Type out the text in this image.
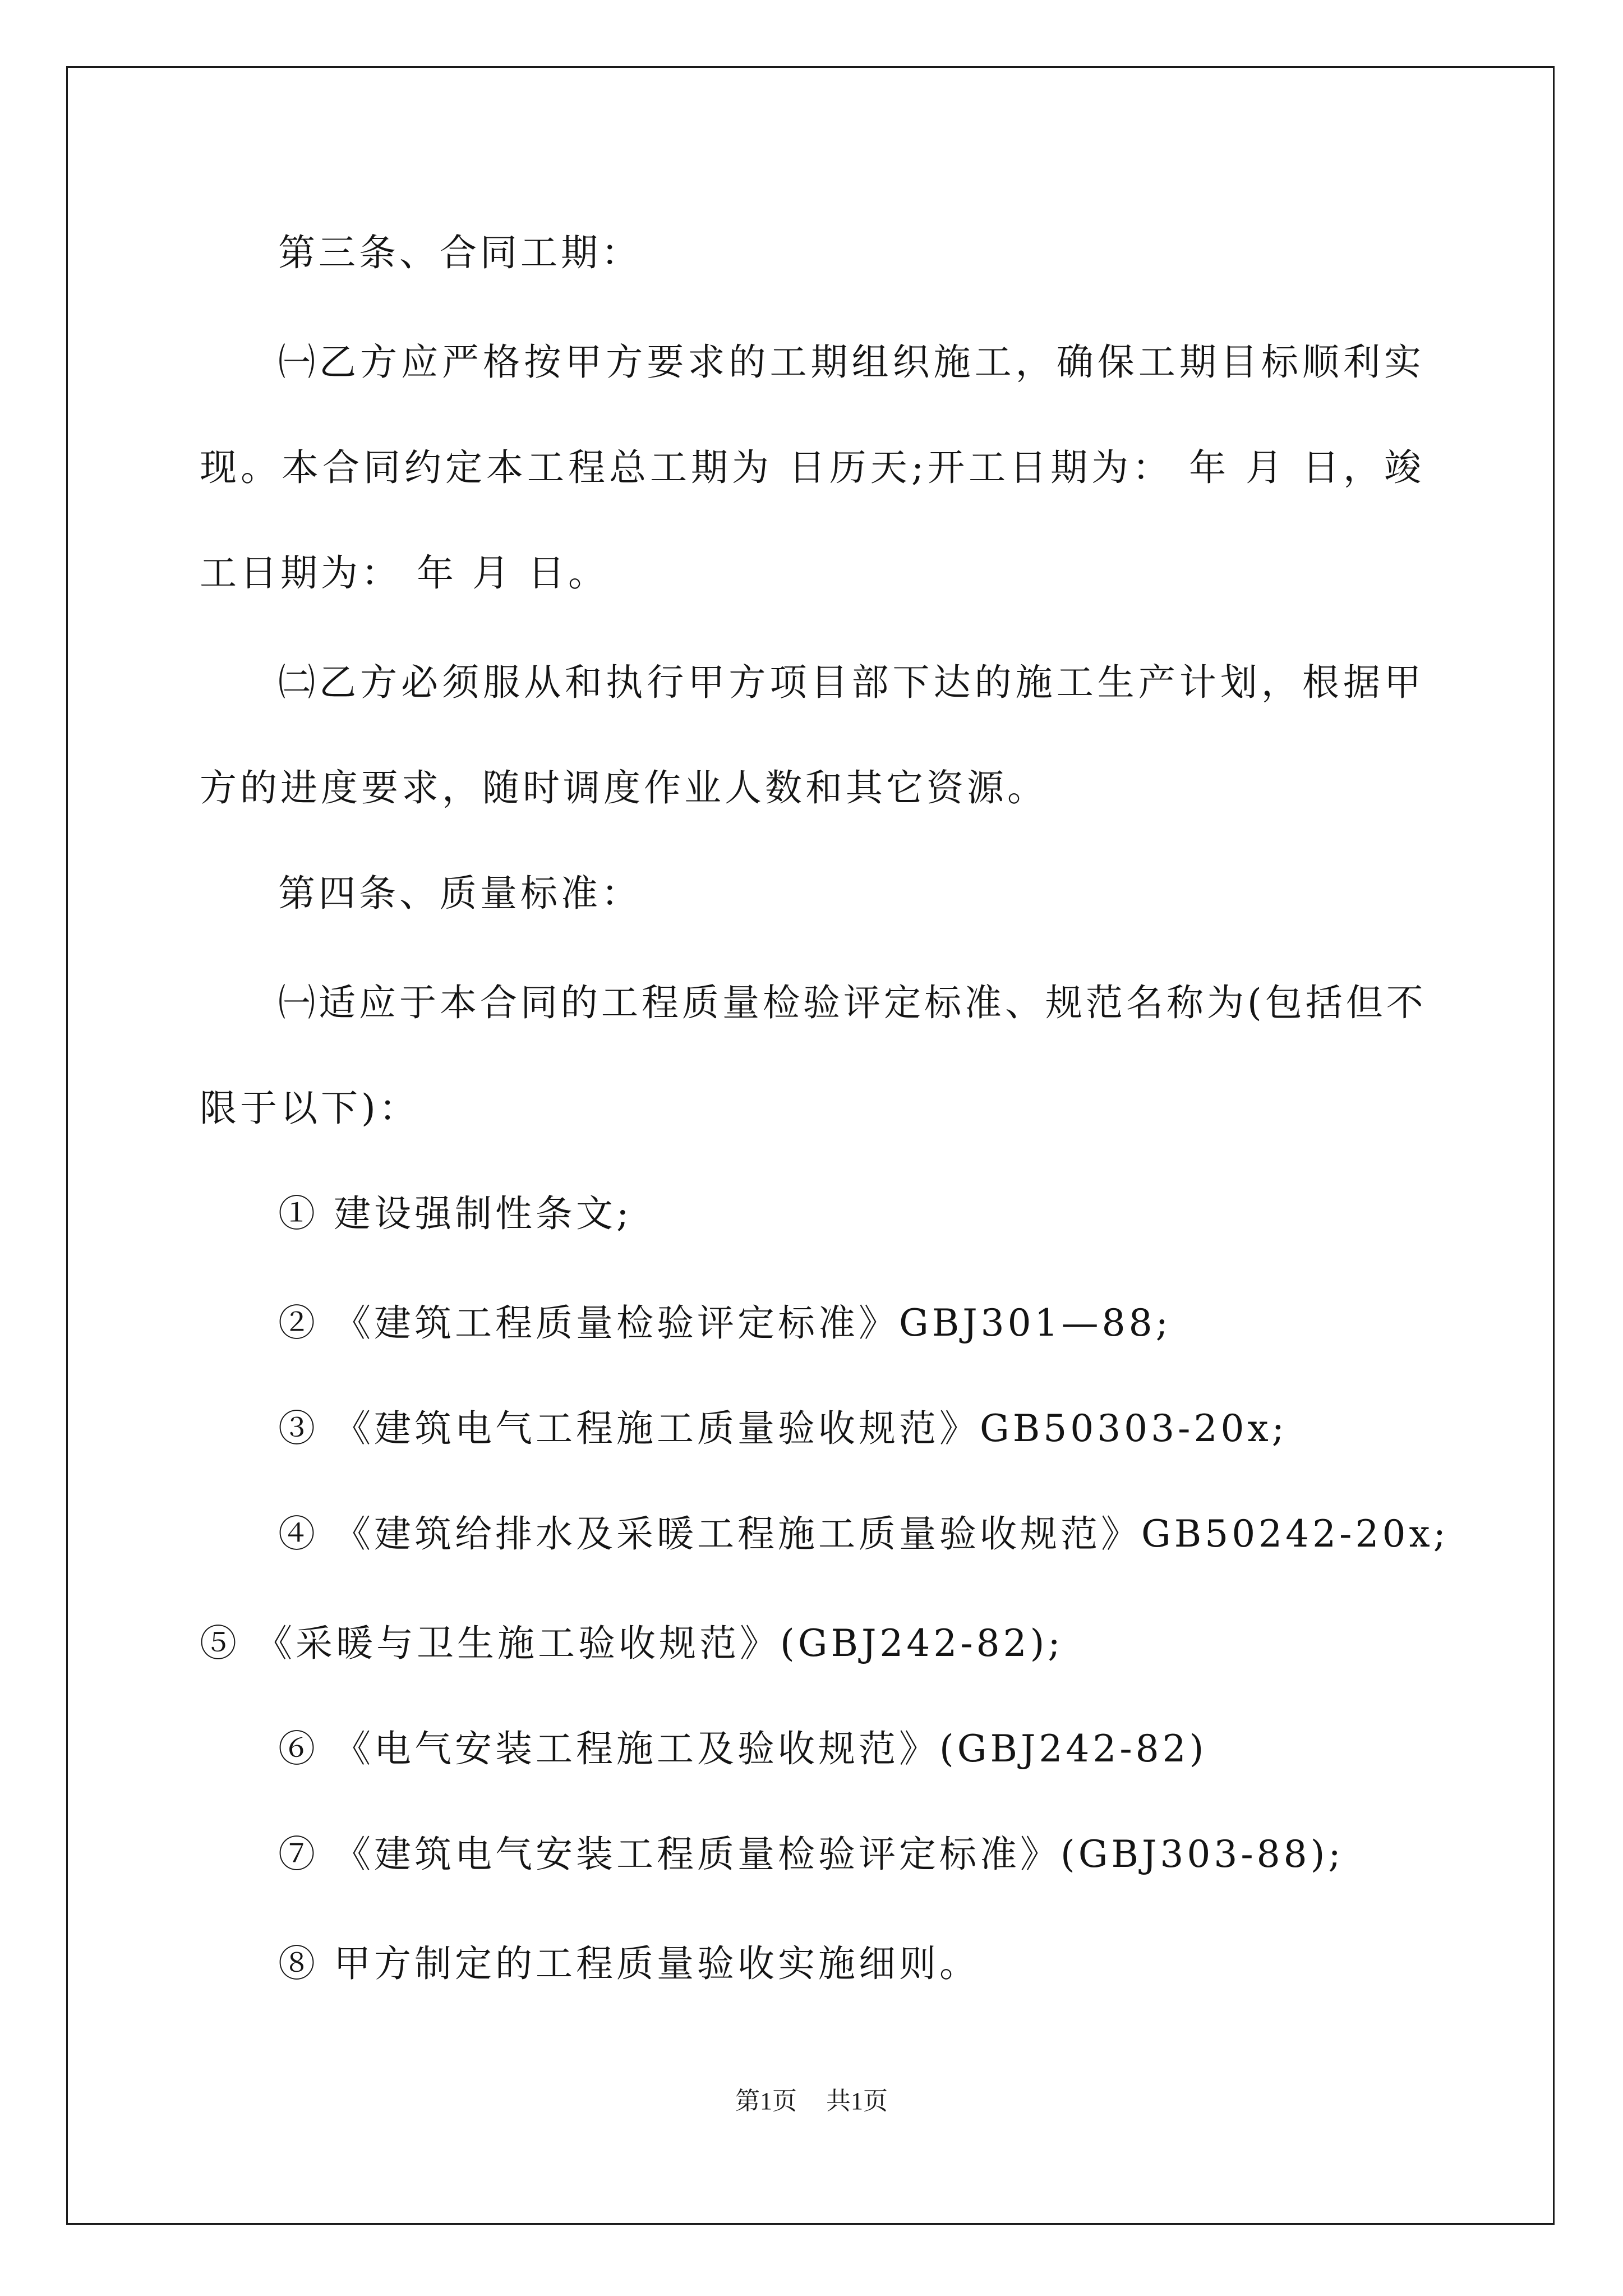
第三条、合同工期：
㈠乙方应严格按甲方要求的工期组织施工，确保工期目标顺利实
现。本合同约定本工程总工期为 日历天;开工日期为： 年 月 日，竣
工日期为： 年 月 日。
㈡乙方必须服从和执行甲方项目部下达的施工生产计划，根据甲
方的进度要求，随时调度作业人数和其它资源。
第四条、质量标准：
㈠适应于本合同的工程质量检验评定标准、规范名称为(包括但不
限于以下)：
① 建设强制性条文;
② 《建筑工程质量检验评定标准》GBJ301—88;
③ 《建筑电气工程施工质量验收规范》GB50303-20x;
④ 《建筑给排水及采暖工程施工质量验收规范》GB50242-20x;
⑤ 《采暖与卫生施工验收规范》(GBJ242-82);
⑥ 《电气安装工程施工及验收规范》(GBJ242-82)
⑦ 《建筑电气安装工程质量检验评定标准》(GBJ303-88);
⑧ 甲方制定的工程质量验收实施细则。
第1页 共1页
